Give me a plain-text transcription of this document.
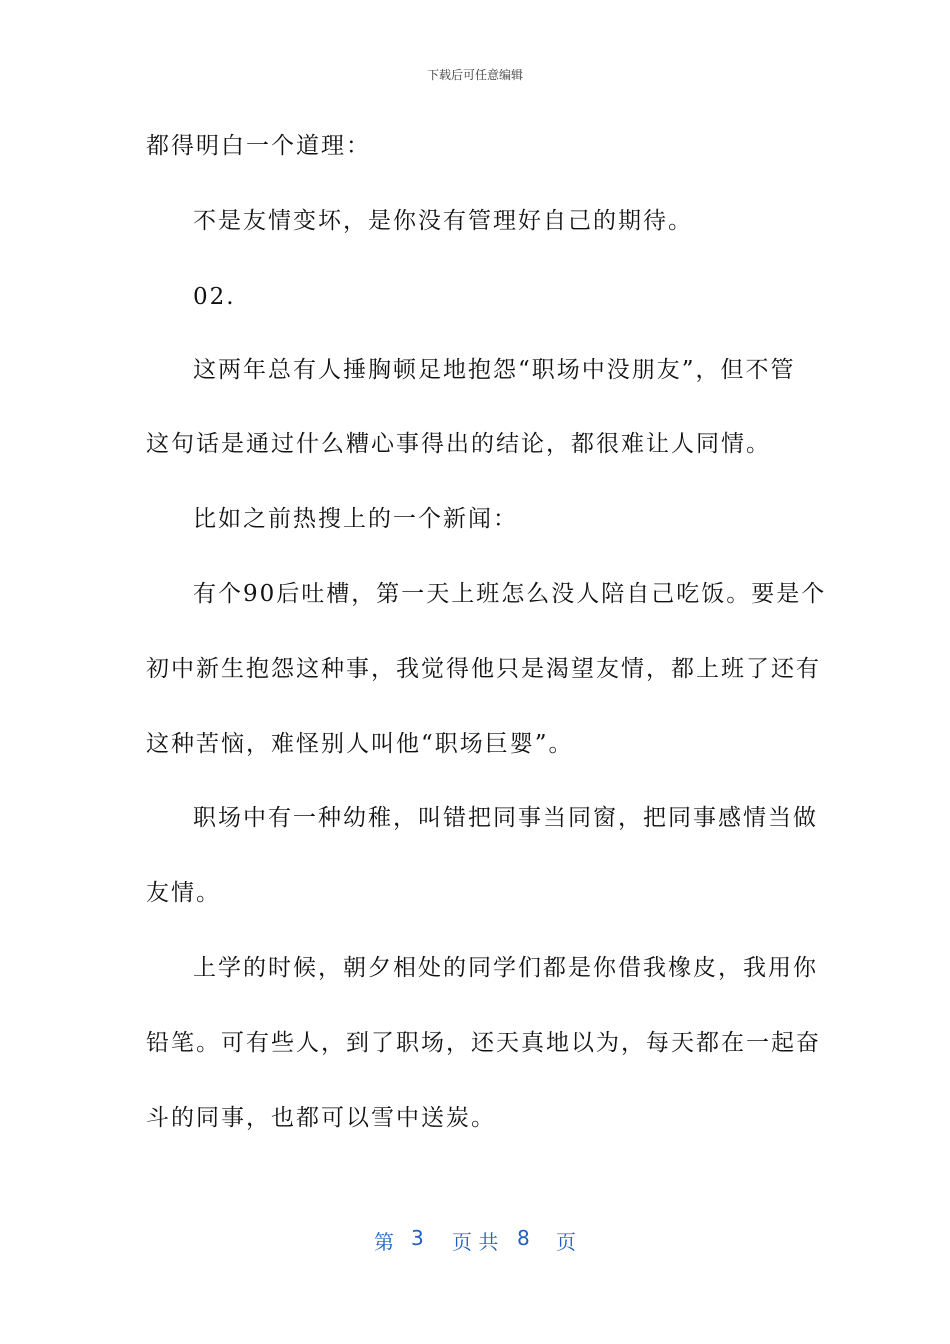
下载后可任意编辑
都得明白一个道理：
不是友情变坏，是你没有管理好自己的期待。
02.
这两年总有人捶胸顿足地抱怨“职场中没朋友”，但不管
这句话是通过什么糟心事得出的结论，都很难让人同情。
比如之前热搜上的一个新闻：
有个90后吐槽，第一天上班怎么没人陪自己吃饭。要是个
初中新生抱怨这种事，我觉得他只是渴望友情，都上班了还有
这种苦恼，难怪别人叫他“职场巨婴”。
职场中有一种幼稚，叫错把同事当同窗，把同事感情当做
友情。
上学的时候，朝夕相处的同学们都是你借我橡皮，我用你
铅笔。可有些人，到了职场，还天真地以为，每天都在一起奋
斗的同事，也都可以雪中送炭。
第 3 页 共 8 页
